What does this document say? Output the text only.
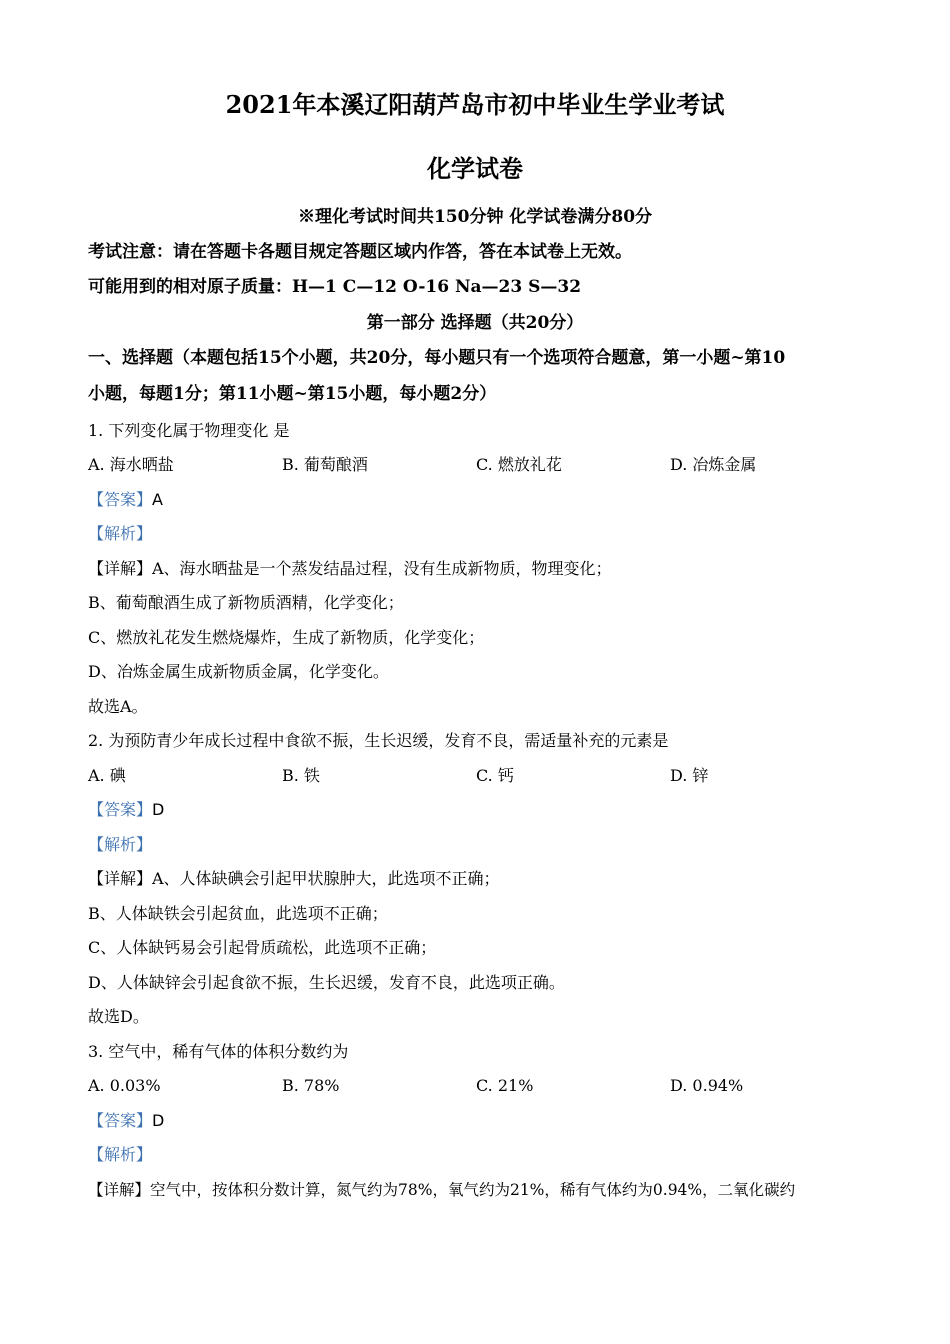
2021年本溪辽阳葫芦岛市初中毕业生学业考试
化学试卷
※理化考试时间共150分钟 化学试卷满分80分
考试注意：请在答题卡各题目规定答题区域内作答，答在本试卷上无效。
可能用到的相对原子质量：H—1 C—12 O-16 Na—23 S—32
第一部分 选择题（共20分）
一、选择题（本题包括15个小题，共20分，每小题只有一个选项符合题意，第一小题~第10
小题，每题1分；第11小题~第15小题，每小题2分）
1. 下列变化属于物理变化 是
A. 海水晒盐	B. 葡萄酿酒	C. 燃放礼花	D. 冶炼金属
【答案】A
【解析】
【详解】A、海水晒盐是一个蒸发结晶过程，没有生成新物质，物理变化；
B、葡萄酿酒生成了新物质酒精，化学变化；
C、燃放礼花发生燃烧爆炸，生成了新物质，化学变化；
D、冶炼金属生成新物质金属，化学变化。
故选A。
2. 为预防青少年成长过程中食欲不振，生长迟缓，发育不良，需适量补充的元素是
A. 碘	B. 铁	C. 钙	D. 锌
【答案】D
【解析】
【详解】A、人体缺碘会引起甲状腺肿大，此选项不正确；
B、人体缺铁会引起贫血，此选项不正确；
C、人体缺钙易会引起骨质疏松，此选项不正确；
D、人体缺锌会引起食欲不振，生长迟缓，发育不良，此选项正确。
故选D。
3. 空气中，稀有气体的体积分数约为
A. 0.03%	B. 78%	C. 21%	D. 0.94%
【答案】D
【解析】
【详解】空气中，按体积分数计算，氮气约为78%，氧气约为21%，稀有气体约为0.94%，二氧化碳约
